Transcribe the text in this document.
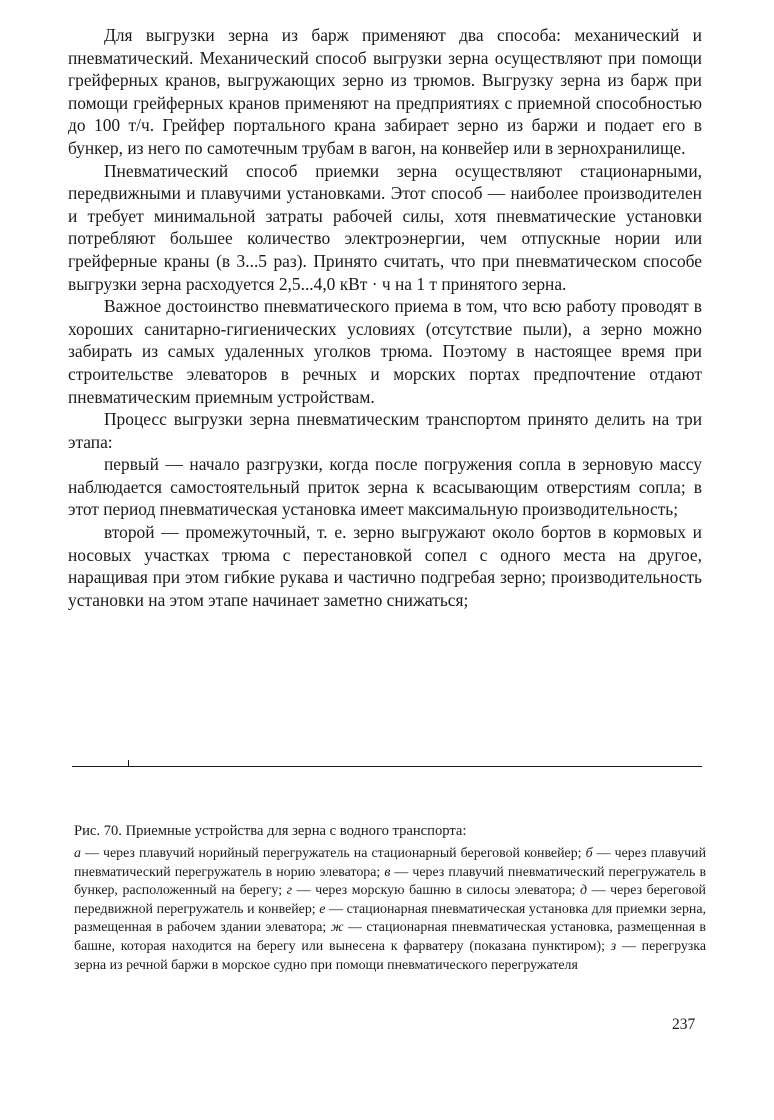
Для выгрузки зерна из барж применяют два способа: механический и пневматический. Механический способ выгрузки зерна осуществляют при помощи грейферных кранов, выгружающих зерно из трюмов. Выгрузку зерна из барж при помощи грейферных кранов применяют на предприятиях с приемной способностью до 100 т/ч. Грейфер портального крана забирает зерно из баржи и подает его в бункер, из него по самотечным трубам в вагон, на конвейер или в зернохранилище.

Пневматический способ приемки зерна осуществляют стационарными, передвижными и плавучими установками. Этот способ — наиболее производителен и требует минимальной затраты рабочей силы, хотя пневматические установки потребляют большее количество электроэнергии, чем отпускные нории или грейферные краны (в 3...5 раз). Принято считать, что при пневматическом способе выгрузки зерна расходуется 2,5...4,0 кВт · ч на 1 т принятого зерна.

Важное достоинство пневматического приема в том, что всю работу проводят в хороших санитарно-гигиенических условиях (отсутствие пыли), а зерно можно забирать из самых удаленных уголков трюма. Поэтому в настоящее время при строительстве элеваторов в речных и морских портах предпочтение отдают пневматическим приемным устройствам.

Процесс выгрузки зерна пневматическим транспортом принято делить на три этапа:

первый — начало разгрузки, когда после погружения сопла в зерновую массу наблюдается самостоятельный приток зерна к всасывающим отверстиям сопла; в этот период пневматическая установка имеет максимальную производительность;

второй — промежуточный, т. е. зерно выгружают около бортов в кормовых и носовых участках трюма с перестановкой сопел с одного места на другое, наращивая при этом гибкие рукава и частично подгребая зерно; производительность установки на этом этапе начинает заметно снижаться;

Рис. 70. Приемные устройства для зерна с водного транспорта:

а — через плавучий норийный перегружатель на стационарный береговой конвейер; б — через плавучий пневматический перегружатель в норию элеватора; в — через плавучий пневматический перегружатель в бункер, расположенный на берегу; г — через морскую башню в силосы элеватора; д — через береговой передвижной перегружатель и конвейер; е — стационарная пневматическая установка для приемки зерна, размещенная в рабочем здании элеватора; ж — стационарная пневматическая установка, размещенная в башне, которая находится на берегу или вынесена к фарватеру (показана пунктиром); з — перегрузка зерна из речной баржи в морское судно при помощи пневматического перегружателя

237
